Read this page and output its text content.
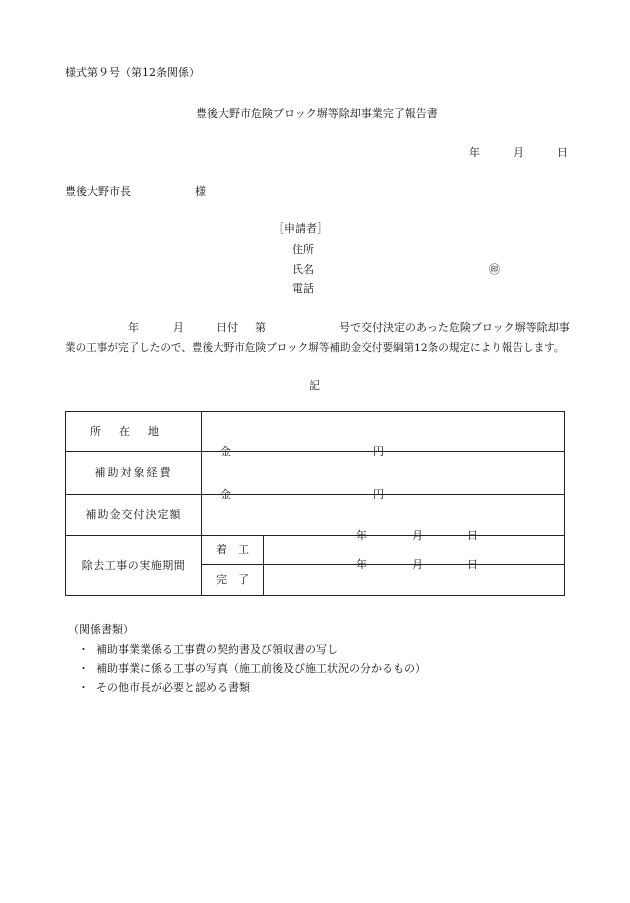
様式第９号（第12条関係）
豊後大野市危険ブロック塀等除却事業完了報告書
年	月	日
豊後大野市長	様
［申請者］
住所
氏名	㊞
電話
年	月	日付 第	号で交付決定のあった危険ブロック塀等除却事
業の工事が完了したので、豊後大野市危険ブロック塀等補助金交付要綱第12条の規定により報告します。
記
所在地		
補助対象経費	金 円	

補助金交付決定額	金 円	

除去工事の実施期間	着　工	年 月 日

	完　了	年 月 日
（関係書類）
・ 補助事業業係る工事費の契約書及び領収書の写し
・ 補助事業に係る工事の写真（施工前後及び施工状況の分かるもの）
・ その他市長が必要と認める書類
